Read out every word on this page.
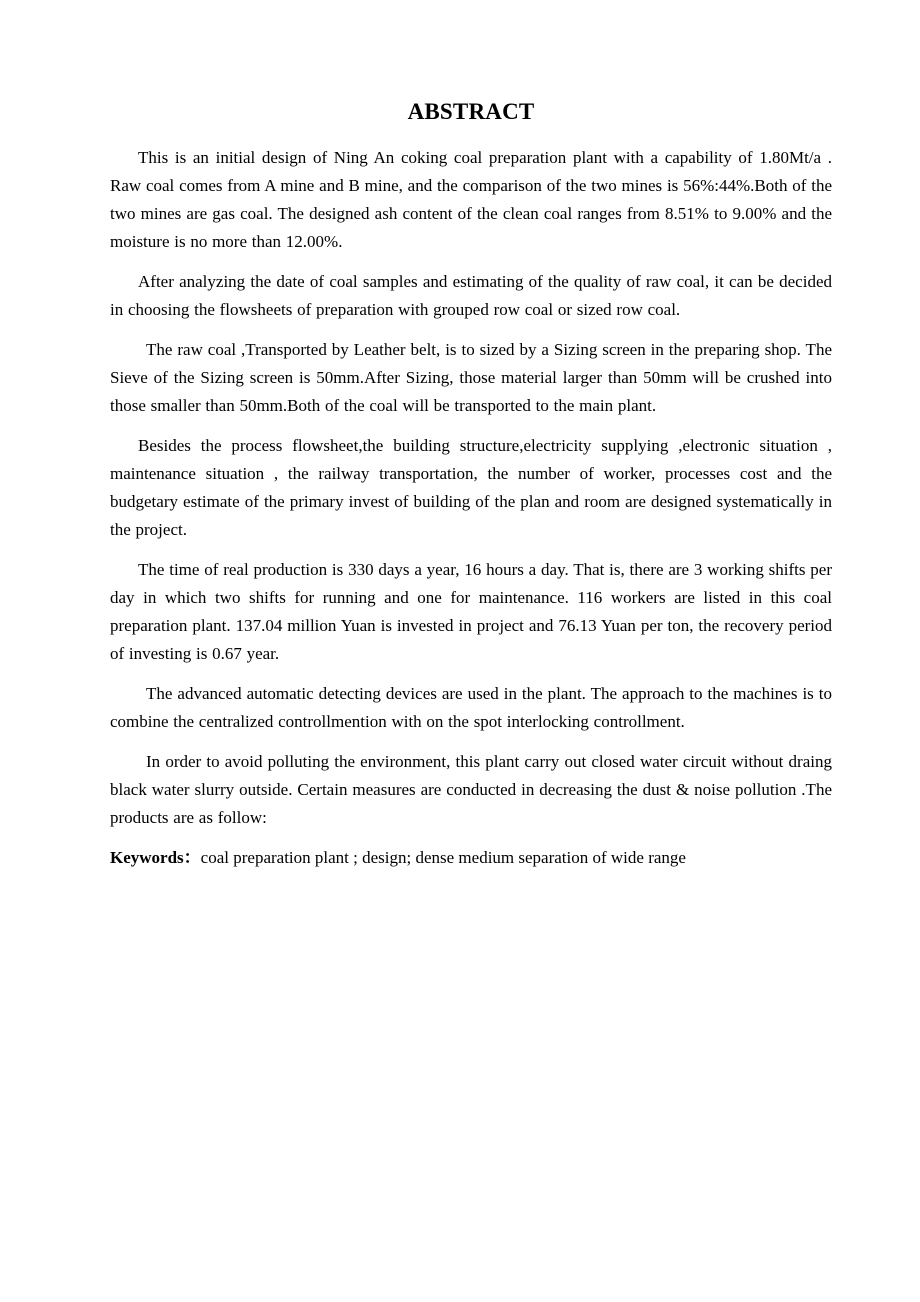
ABSTRACT

This is an initial design of Ning An coking coal preparation plant with a capability of 1.80Mt/a . Raw coal comes from A mine and B mine, and the comparison of the two mines is 56%:44%.Both of the two mines are gas coal. The designed ash content of the clean coal ranges from 8.51% to 9.00% and the moisture is no more than 12.00%.

After analyzing the date of coal samples and estimating of the quality of raw coal, it can be decided in choosing the flowsheets of preparation with grouped row coal or sized row coal.

The raw coal ,Transported by Leather belt, is to sized by a Sizing screen in the preparing shop. The Sieve of the Sizing screen is 50mm.After Sizing, those material larger than 50mm will be crushed into those smaller than 50mm.Both of the coal will be transported to the main plant.

Besides the process flowsheet,the building structure,electricity supplying ,electronic situation , maintenance situation , the railway transportation, the number of worker, processes cost and the budgetary estimate of the primary invest of building of the plan and room are designed systematically in the project.

The time of real production is 330 days a year, 16 hours a day. That is, there are 3 working shifts per day in which two shifts for running and one for maintenance. 116 workers are listed in this coal preparation plant. 137.04 million Yuan is invested in project and 76.13 Yuan per ton, the recovery period of investing is 0.67 year.

The advanced automatic detecting devices are used in the plant. The approach to the machines is to combine the centralized controllmention with on the spot interlocking controllment.

In order to avoid polluting the environment, this plant carry out closed water circuit without draing black water slurry outside. Certain measures are conducted in decreasing the dust & noise pollution .The products are as follow:

Keywords：coal preparation plant ; design; dense medium separation of wide range
